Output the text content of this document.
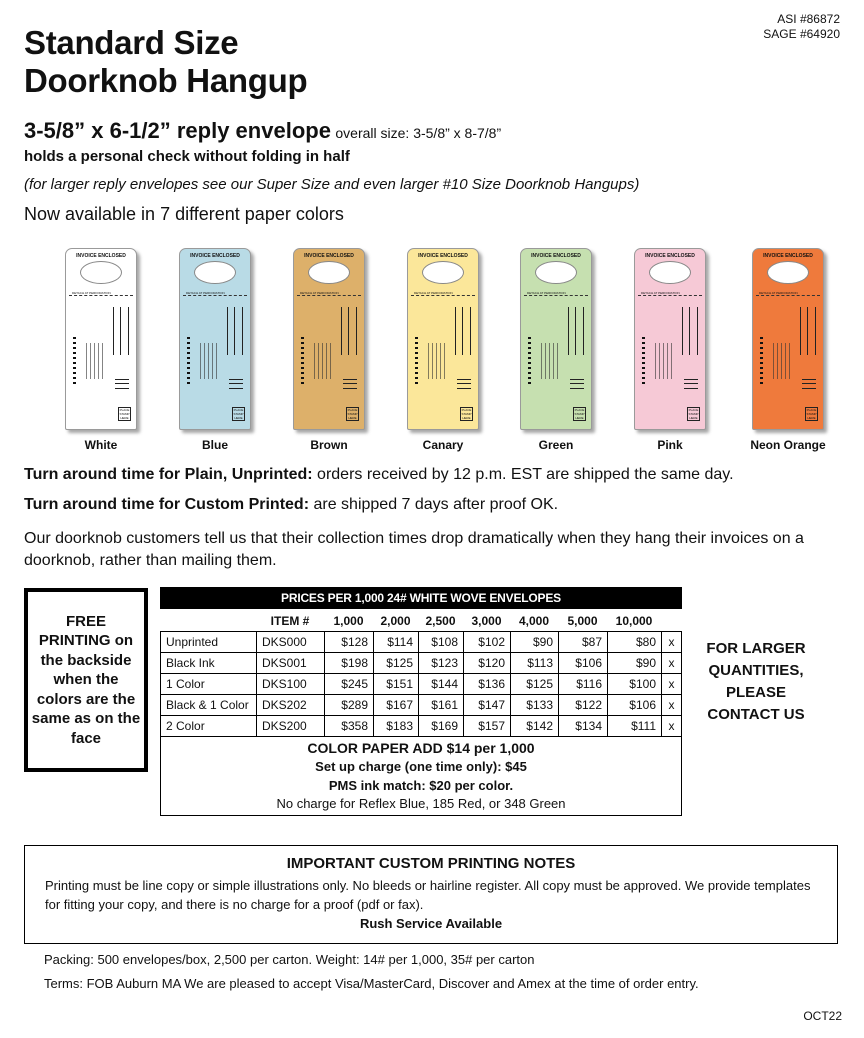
ASI #86872
SAGE #64920
Standard Size
Doorknob Hangup
3-5/8” x 6-1/2” reply envelope overall size: 3-5/8” x 8-7/8”
holds a personal check without folding in half
(for larger reply envelopes see our Super Size and even larger #10 Size Doorknob Hangups)
Now available in 7 different paper colors
INVOICE ENCLOSED
DETACH AT PERFORATION
PLACE STAMP HERE
White
INVOICE ENCLOSED
DETACH AT PERFORATION
PLACE STAMP HERE
Blue
INVOICE ENCLOSED
DETACH AT PERFORATION
PLACE STAMP HERE
Brown
INVOICE ENCLOSED
DETACH AT PERFORATION
PLACE STAMP HERE
Canary
INVOICE ENCLOSED
DETACH AT PERFORATION
PLACE STAMP HERE
Green
INVOICE ENCLOSED
DETACH AT PERFORATION
PLACE STAMP HERE
Pink
INVOICE ENCLOSED
DETACH AT PERFORATION
PLACE STAMP HERE
Neon Orange
Turn around time for Plain, Unprinted: orders received by 12 p.m. EST are shipped the same day.
Turn around time for Custom Printed: are shipped 7 days after proof OK.
Our doorknob customers tell us that their collection times drop dramatically when they hang their invoices on a doorknob, rather than mailing them.
FREE PRINTING on the backside when the colors are the same as on the face
PRICES PER 1,000 24# WHITE WOVE ENVELOPES
ITEM #	1,000	2,000	2,500	3,000	4,000	5,000	10,000
Unprinted	DKS000	$128	$114	$108	$102	$90	$87	$80	x
Black Ink	DKS001	$198	$125	$123	$120	$113	$106	$90	x
1 Color	DKS100	$245	$151	$144	$136	$125	$116	$100	x
Black & 1 Color	DKS202	$289	$167	$161	$147	$133	$122	$106	x
2 Color	DKS200	$358	$183	$169	$157	$142	$134	$111	x
COLOR PAPER ADD $14 per 1,000
Set up charge (one time only): $45
PMS ink match: $20 per color.
No charge for Reflex Blue, 185 Red, or 348 Green
FOR LARGER QUANTITIES, PLEASE CONTACT US
IMPORTANT CUSTOM PRINTING NOTES
Printing must be line copy or simple illustrations only. No bleeds or hairline register. All copy must be approved. We provide templates for fitting your copy, and there is no charge for a proof (pdf or fax).
Rush Service Available
Packing: 500 envelopes/box, 2,500 per carton. Weight: 14# per 1,000, 35# per carton
Terms: FOB Auburn MA We are pleased to accept Visa/MasterCard, Discover and Amex at the time of order entry.
OCT22
